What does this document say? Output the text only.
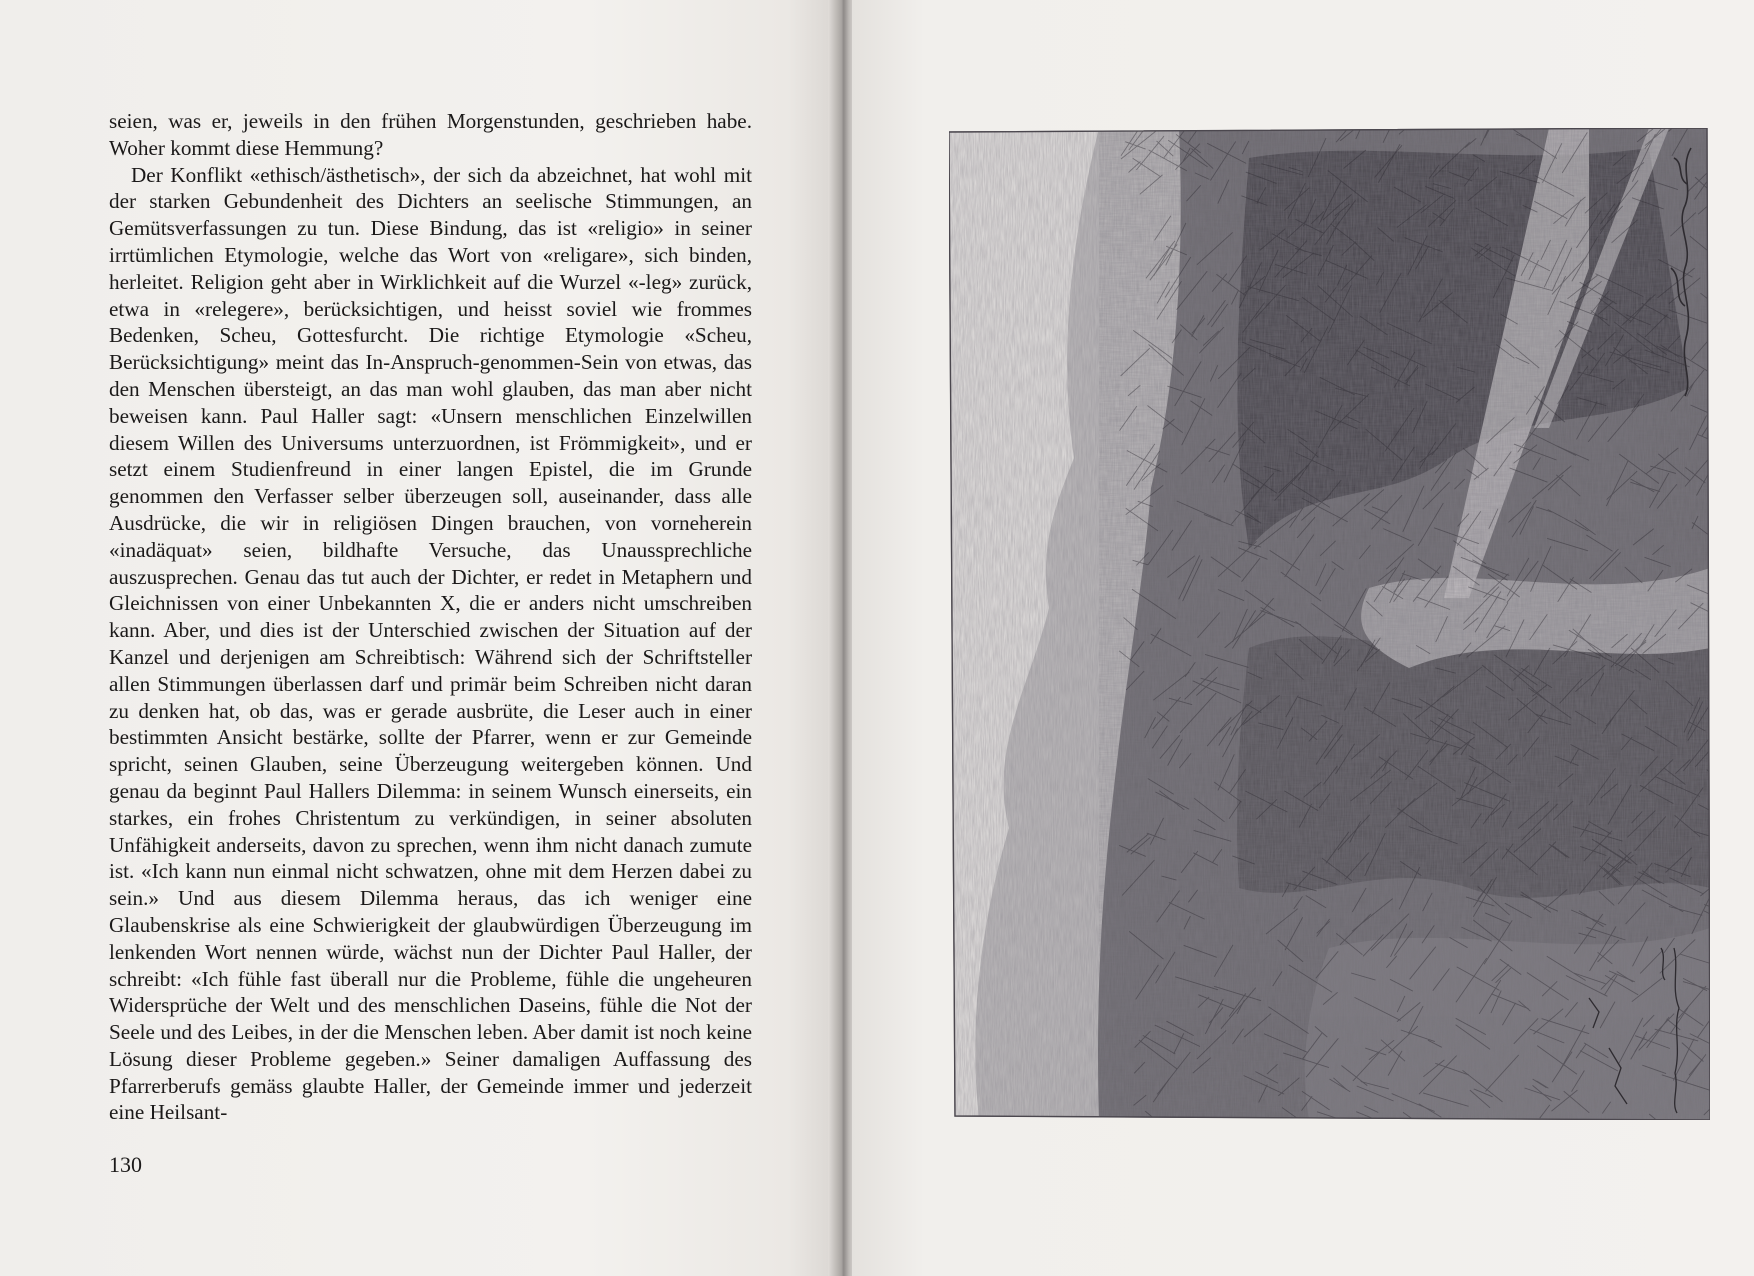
seien, was er, jeweils in den frühen Morgenstunden, geschrieben habe. Woher kommt diese Hemmung?

Der Konflikt «ethisch/ästhetisch», der sich da abzeichnet, hat wohl mit der starken Gebundenheit des Dichters an seelische Stimmungen, an Gemütsverfassungen zu tun. Diese Bindung, das ist «religio» in seiner irrtümlichen Etymologie, welche das Wort von «religare», sich binden, herleitet. Religion geht aber in Wirklichkeit auf die Wurzel «-leg» zurück, etwa in «relegere», berücksichtigen, und heisst soviel wie frommes Bedenken, Scheu, Gottesfurcht. Die richtige Etymologie «Scheu, Berücksichtigung» meint das In-Anspruch-genommen-Sein von etwas, das den Menschen übersteigt, an das man wohl glauben, das man aber nicht beweisen kann. Paul Haller sagt: «Unsern menschlichen Einzelwillen diesem Willen des Universums unterzuordnen, ist Frömmigkeit», und er setzt einem Studienfreund in einer langen Epistel, die im Grunde genommen den Verfasser selber überzeugen soll, auseinander, dass alle Ausdrücke, die wir in religiösen Dingen brauchen, von vorneherein «inadäquat» seien, bildhafte Versuche, das Unaussprechliche auszusprechen. Genau das tut auch der Dichter, er redet in Metaphern und Gleichnissen von einer Unbekannten X, die er anders nicht umschreiben kann. Aber, und dies ist der Unterschied zwischen der Situation auf der Kanzel und derjenigen am Schreibtisch: Während sich der Schriftsteller allen Stimmungen überlassen darf und primär beim Schreiben nicht daran zu denken hat, ob das, was er gerade ausbrüte, die Leser auch in einer bestimmten Ansicht bestärke, sollte der Pfarrer, wenn er zur Gemeinde spricht, seinen Glauben, seine Überzeugung weitergeben können. Und genau da beginnt Paul Hallers Dilemma: in seinem Wunsch einerseits, ein starkes, ein frohes Christentum zu verkündigen, in seiner absoluten Unfähigkeit anderseits, davon zu sprechen, wenn ihm nicht danach zumute ist. «Ich kann nun einmal nicht schwatzen, ohne mit dem Herzen dabei zu sein.» Und aus diesem Dilemma heraus, das ich weniger eine Glaubenskrise als eine Schwierigkeit der glaubwürdigen Überzeugung im lenkenden Wort nennen würde, wächst nun der Dichter Paul Haller, der schreibt: «Ich fühle fast überall nur die Probleme, fühle die ungeheuren Widersprüche der Welt und des menschlichen Daseins, fühle die Not der Seele und des Leibes, in der die Menschen leben. Aber damit ist noch keine Lösung dieser Probleme gegeben.» Seiner damaligen Auffassung des Pfarrerberufs gemäss glaubte Haller, der Gemeinde immer und jederzeit eine Heilsant-

130
